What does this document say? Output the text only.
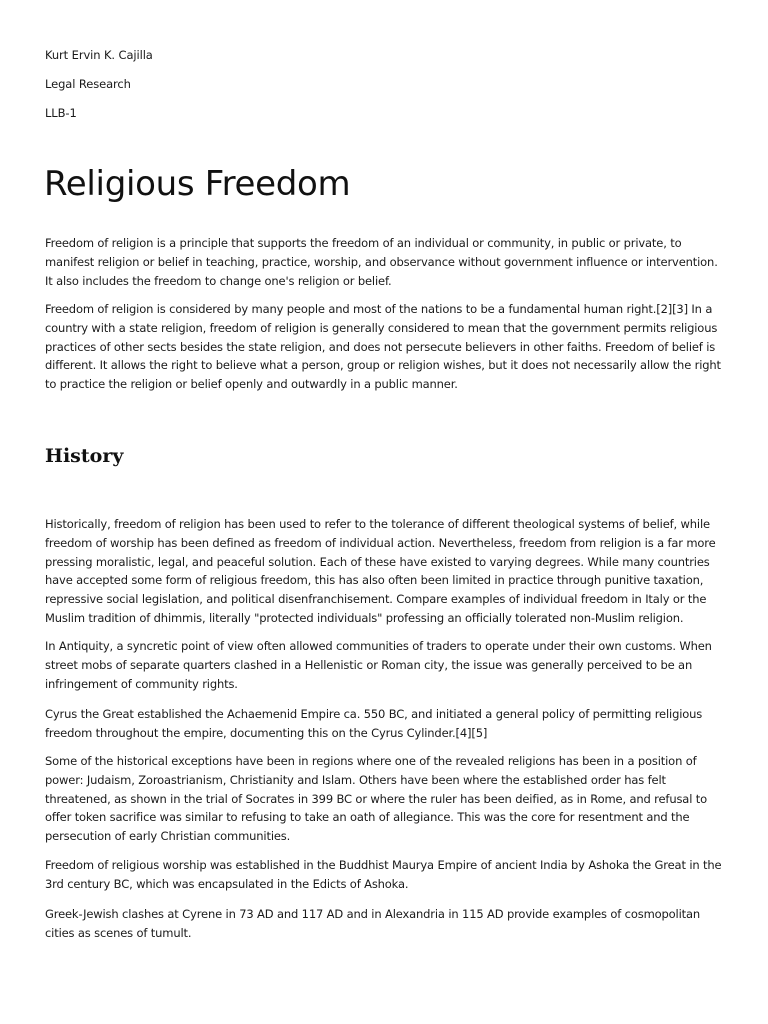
Kurt Ervin K. Cajilla

Legal Research

LLB-1

Religious Freedom

Freedom of religion is a principle that supports the freedom of an individual or community, in public or private, to manifest religion or belief in teaching, practice, worship, and observance without government influence or intervention. It also includes the freedom to change one's religion or belief.

Freedom of religion is considered by many people and most of the nations to be a fundamental human right.[2][3] In a country with a state religion, freedom of religion is generally considered to mean that the government permits religious practices of other sects besides the state religion, and does not persecute believers in other faiths. Freedom of belief is different. It allows the right to believe what a person, group or religion wishes, but it does not necessarily allow the right to practice the religion or belief openly and outwardly in a public manner.

History

Historically, freedom of religion has been used to refer to the tolerance of different theological systems of belief, while freedom of worship has been defined as freedom of individual action. Nevertheless, freedom from religion is a far more pressing moralistic, legal, and peaceful solution. Each of these have existed to varying degrees. While many countries have accepted some form of religious freedom, this has also often been limited in practice through punitive taxation, repressive social legislation, and political disenfranchisement. Compare examples of individual freedom in Italy or the Muslim tradition of dhimmis, literally "protected individuals" professing an officially tolerated non-Muslim religion.

In Antiquity, a syncretic point of view often allowed communities of traders to operate under their own customs. When street mobs of separate quarters clashed in a Hellenistic or Roman city, the issue was generally perceived to be an infringement of community rights.

Cyrus the Great established the Achaemenid Empire ca. 550 BC, and initiated a general policy of permitting religious freedom throughout the empire, documenting this on the Cyrus Cylinder.[4][5]

Some of the historical exceptions have been in regions where one of the revealed religions has been in a position of power: Judaism, Zoroastrianism, Christianity and Islam. Others have been where the established order has felt threatened, as shown in the trial of Socrates in 399 BC or where the ruler has been deified, as in Rome, and refusal to offer token sacrifice was similar to refusing to take an oath of allegiance. This was the core for resentment and the persecution of early Christian communities.

Freedom of religious worship was established in the Buddhist Maurya Empire of ancient India by Ashoka the Great in the 3rd century BC, which was encapsulated in the Edicts of Ashoka.

Greek-Jewish clashes at Cyrene in 73 AD and 117 AD and in Alexandria in 115 AD provide examples of cosmopolitan cities as scenes of tumult.
